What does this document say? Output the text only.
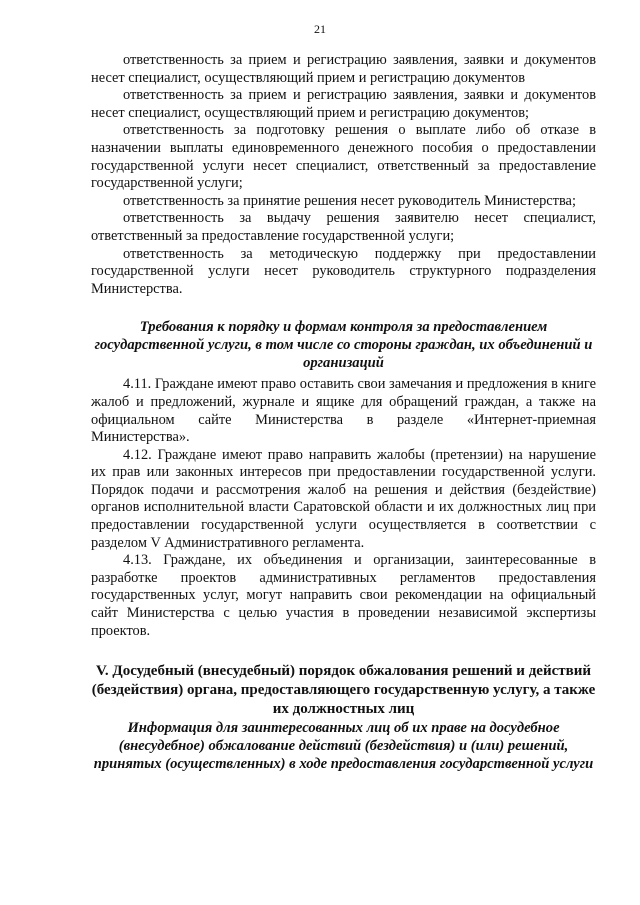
21

ответственность за прием и регистрацию заявления, заявки и документов несет специалист, осуществляющий прием и регистрацию документов

ответственность за прием и регистрацию заявления, заявки и документов несет специалист, осуществляющий прием и регистрацию документов;

ответственность за подготовку решения о выплате либо об отказе в назначении выплаты единовременного денежного пособия о предоставлении государственной услуги несет специалист, ответственный за предоставление государственной услуги;

ответственность за принятие решения несет руководитель Министерства;

ответственность за выдачу решения заявителю несет специалист, ответственный за предоставление государственной услуги;

ответственность за методическую поддержку при предоставлении государственной услуги несет руководитель структурного подразделения Министерства.

Требования к порядку и формам контроля за предоставлением государственной услуги, в том числе со стороны граждан, их объединений и организаций

4.11. Граждане имеют право оставить свои замечания и предложения в книге жалоб и предложений, журнале и ящике для обращений граждан, а также на официальном сайте Министерства в разделе «Интернет-приемная Министерства».

4.12. Граждане имеют право направить жалобы (претензии) на нарушение их прав или законных интересов при предоставлении государственной услуги. Порядок подачи и рассмотрения жалоб на решения и действия (бездействие) органов исполнительной власти Саратовской области и их должностных лиц при предоставлении государственной услуги осуществляется в соответствии с разделом V Административного регламента.

4.13. Граждане, их объединения и организации, заинтересованные в разработке проектов административных регламентов предоставления государственных услуг, могут направить свои рекомендации на официальный сайт Министерства с целью участия в проведении независимой экспертизы проектов.

V. Досудебный (внесудебный) порядок обжалования решений и действий (бездействия) органа, предоставляющего государственную услугу, а также их должностных лиц

Информация для заинтересованных лиц об их праве на досудебное (внесудебное) обжалование действий (бездействия) и (или) решений, принятых (осуществленных) в ходе предоставления государственной услуги
